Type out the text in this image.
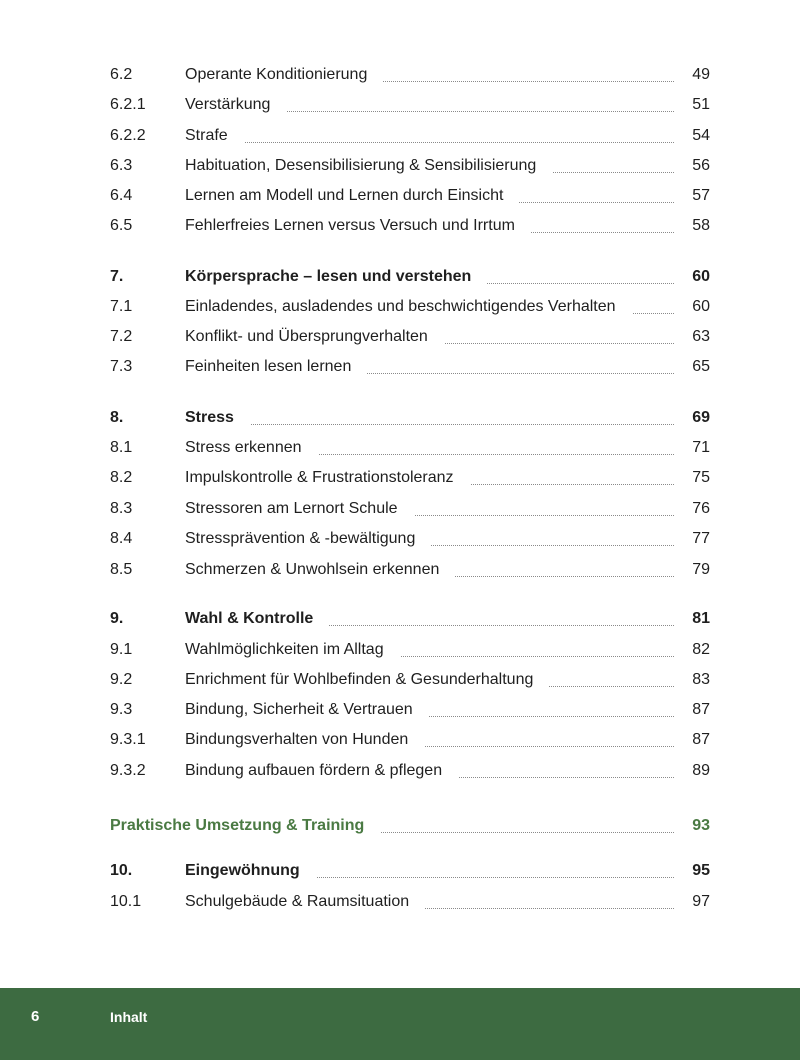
6.2	Operante Konditionierung	49
6.2.1 Verstärkung	51
6.2.2 Strafe	54
6.3	Habituation, Desensibilisierung & Sensibilisierung	56
6.4	Lernen am Modell und Lernen durch Einsicht	57
6.5	Fehlerfreies Lernen versus Versuch und Irrtum	58
7.	Körpersprache – lesen und verstehen	60
7.1	Einladendes, ausladendes und beschwichtigendes Verhalten	60
7.2	Konflikt- und Übersprungverhalten	63
7.3	Feinheiten lesen lernen	65
8.	Stress	69
8.1	Stress erkennen	71
8.2	Impulskontrolle & Frustrationstoleranz	75
8.3	Stressoren am Lernort Schule	76
8.4	Stressprävention & -bewältigung	77
8.5	Schmerzen & Unwohlsein erkennen	79
9.	Wahl & Kontrolle	81
9.1	Wahlmöglichkeiten im Alltag	82
9.2	Enrichment für Wohlbefinden & Gesunderhaltung	83
9.3	Bindung, Sicherheit & Vertrauen	87
9.3.1 Bindungsverhalten von Hunden	87
9.3.2 Bindung aufbauen fördern & pflegen	89
Praktische Umsetzung & Training	93
10.	Eingewöhnung	95
10.1	Schulgebäude & Raumsituation	97
6	Inhalt
